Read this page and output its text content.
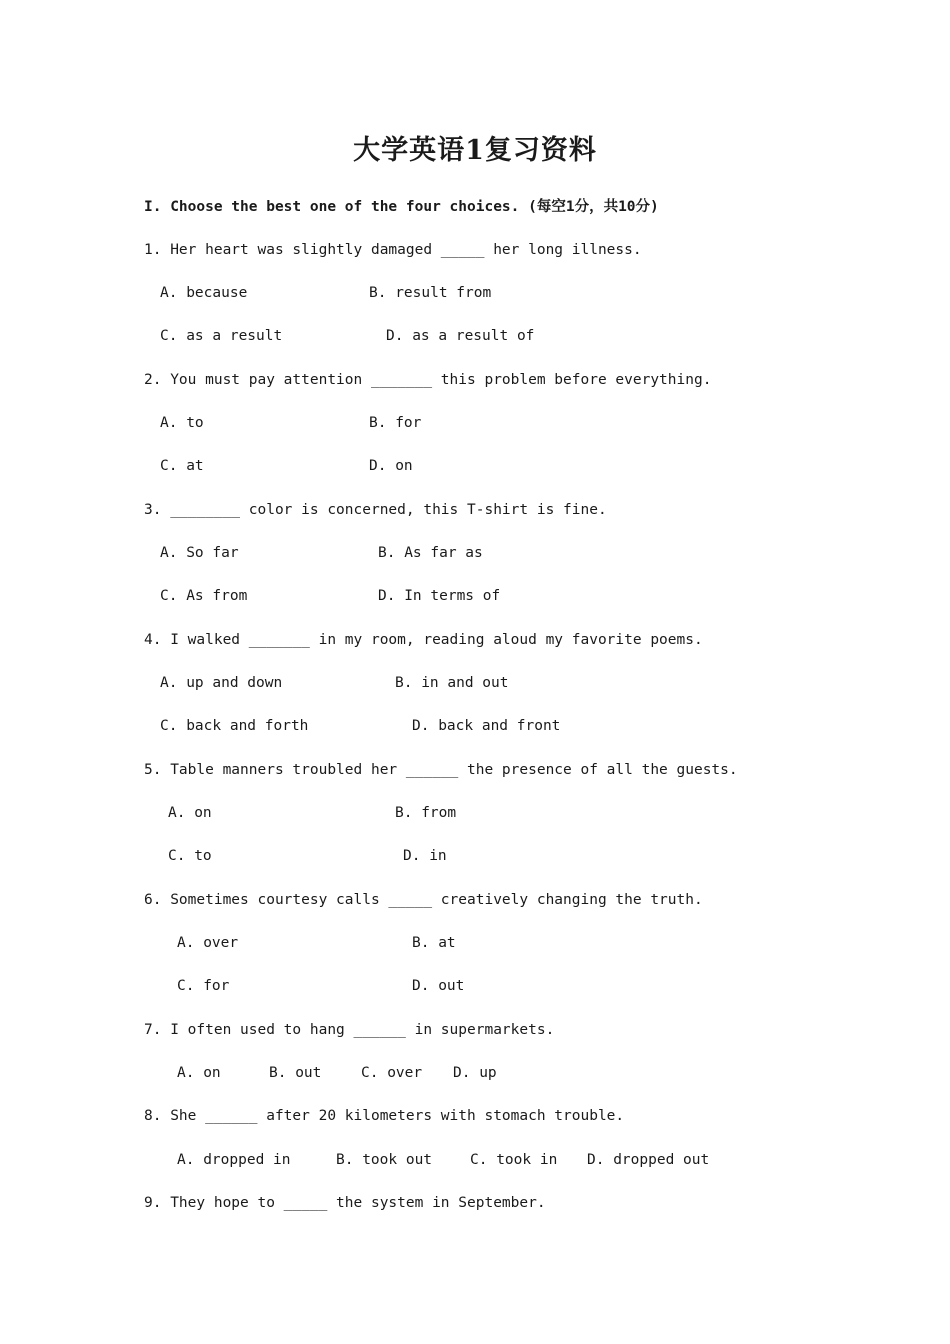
大学英语1复习资料
I. Choose the best one of the four choices. (每空1分，共10分)
1. Her heart was slightly damaged _____ her long illness.
A. because	B. result from
C. as a result	D. as a result of
2. You must pay attention _______ this problem before everything.
A. to	B. for
C. at	D. on
3. ________ color is concerned, this T-shirt is fine.
A. So far	B. As far as
C. As from	D. In terms of
4. I walked _______ in my room, reading aloud my favorite poems.
A. up and down	B. in and out
C. back and forth	D. back and front
5. Table manners troubled her ______ the presence of all the guests.
A. on	B. from
C. to	D. in
6. Sometimes courtesy calls _____ creatively changing the truth.
A. over	B. at
C. for	D. out
7. I often used to hang ______ in supermarkets.
A. on	B. out	C. over D. up
8. She ______ after 20 kilometers with stomach trouble.
A. dropped in	B. took out	C. took in D. dropped out
9. They hope to _____ the system in September.
